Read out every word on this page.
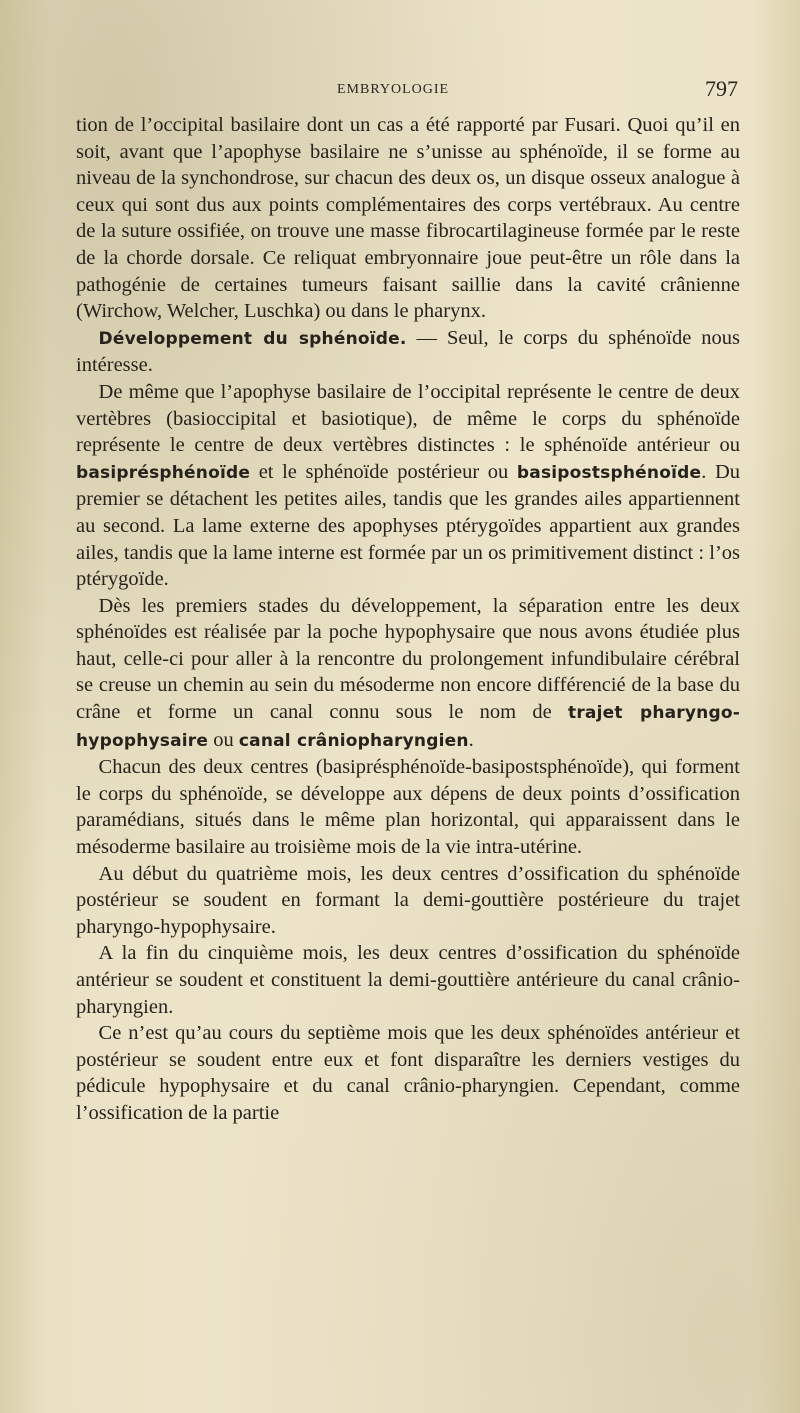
EMBRYOLOGIE	797

tion de l’occipital basilaire dont un cas a été rapporté par Fusari. Quoi qu’il en soit, avant que l’apophyse basilaire ne s’unisse au sphénoïde, il se forme au niveau de la synchondrose, sur chacun des deux os, un disque osseux analogue à ceux qui sont dus aux points complémentaires des corps vertébraux. Au centre de la suture ossifiée, on trouve une masse fibrocartilagineuse formée par le reste de la chorde dorsale. Ce reliquat embryonnaire joue peut-être un rôle dans la pathogénie de certaines tumeurs faisant saillie dans la cavité crânienne (Wirchow, Welcher, Luschka) ou dans le pharynx.

Développement du sphénoïde. — Seul, le corps du sphénoïde nous intéresse.

De même que l’apophyse basilaire de l’occipital représente le centre de deux vertèbres (basioccipital et basiotique), de même le corps du sphénoïde représente le centre de deux vertèbres distinctes : le sphénoïde antérieur ou basiprésphénoïde et le sphénoïde postérieur ou basipostsphénoïde. Du premier se détachent les petites ailes, tandis que les grandes ailes appartiennent au second. La lame externe des apophyses ptérygoïdes appartient aux grandes ailes, tandis que la lame interne est formée par un os primitivement distinct : l’os ptérygoïde.

Dès les premiers stades du développement, la séparation entre les deux sphénoïdes est réalisée par la poche hypophysaire que nous avons étudiée plus haut, celle-ci pour aller à la rencontre du prolongement infundibulaire cérébral se creuse un chemin au sein du mésoderme non encore différencié de la base du crâne et forme un canal connu sous le nom de trajet pharyngo-hypophysaire ou canal crâniopharyngien.

Chacun des deux centres (basiprésphénoïde-basipostsphénoïde), qui forment le corps du sphénoïde, se développe aux dépens de deux points d’ossification paramédians, situés dans le même plan horizontal, qui apparaissent dans le mésoderme basilaire au troisième mois de la vie intra-utérine.

Au début du quatrième mois, les deux centres d’ossification du sphénoïde postérieur se soudent en formant la demi-gouttière postérieure du trajet pharyngo-hypophysaire.

A la fin du cinquième mois, les deux centres d’ossification du sphénoïde antérieur se soudent et constituent la demi-gouttière antérieure du canal crânio-pharyngien.

Ce n’est qu’au cours du septième mois que les deux sphénoïdes antérieur et postérieur se soudent entre eux et font disparaître les derniers vestiges du pédicule hypophysaire et du canal crânio-pharyngien. Cependant, comme l’ossification de la partie
